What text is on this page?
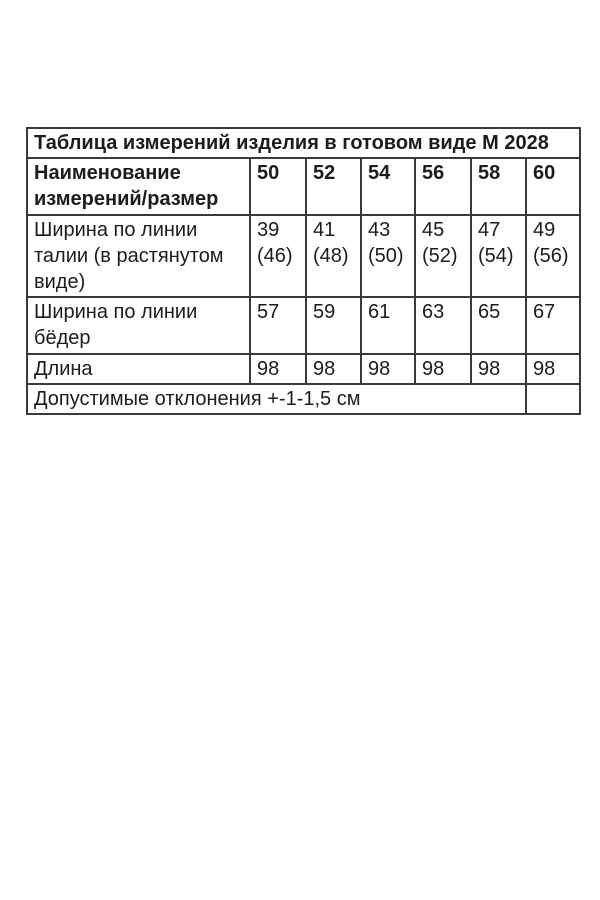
Таблица измерений изделия в готовом виде М 2028						
Наименование измерений/размер	50	52	54	56	58	60
Ширина по линии талии (в растянутом виде)	39 (46)	41 (48)	43 (50)	45 (52)	47 (54)	49 (56)
Ширина по линии бёдер	57	59	61	63	65	67
Длина	98	98	98	98	98	98
Допустимые отклонения +-1-1,5 см						
